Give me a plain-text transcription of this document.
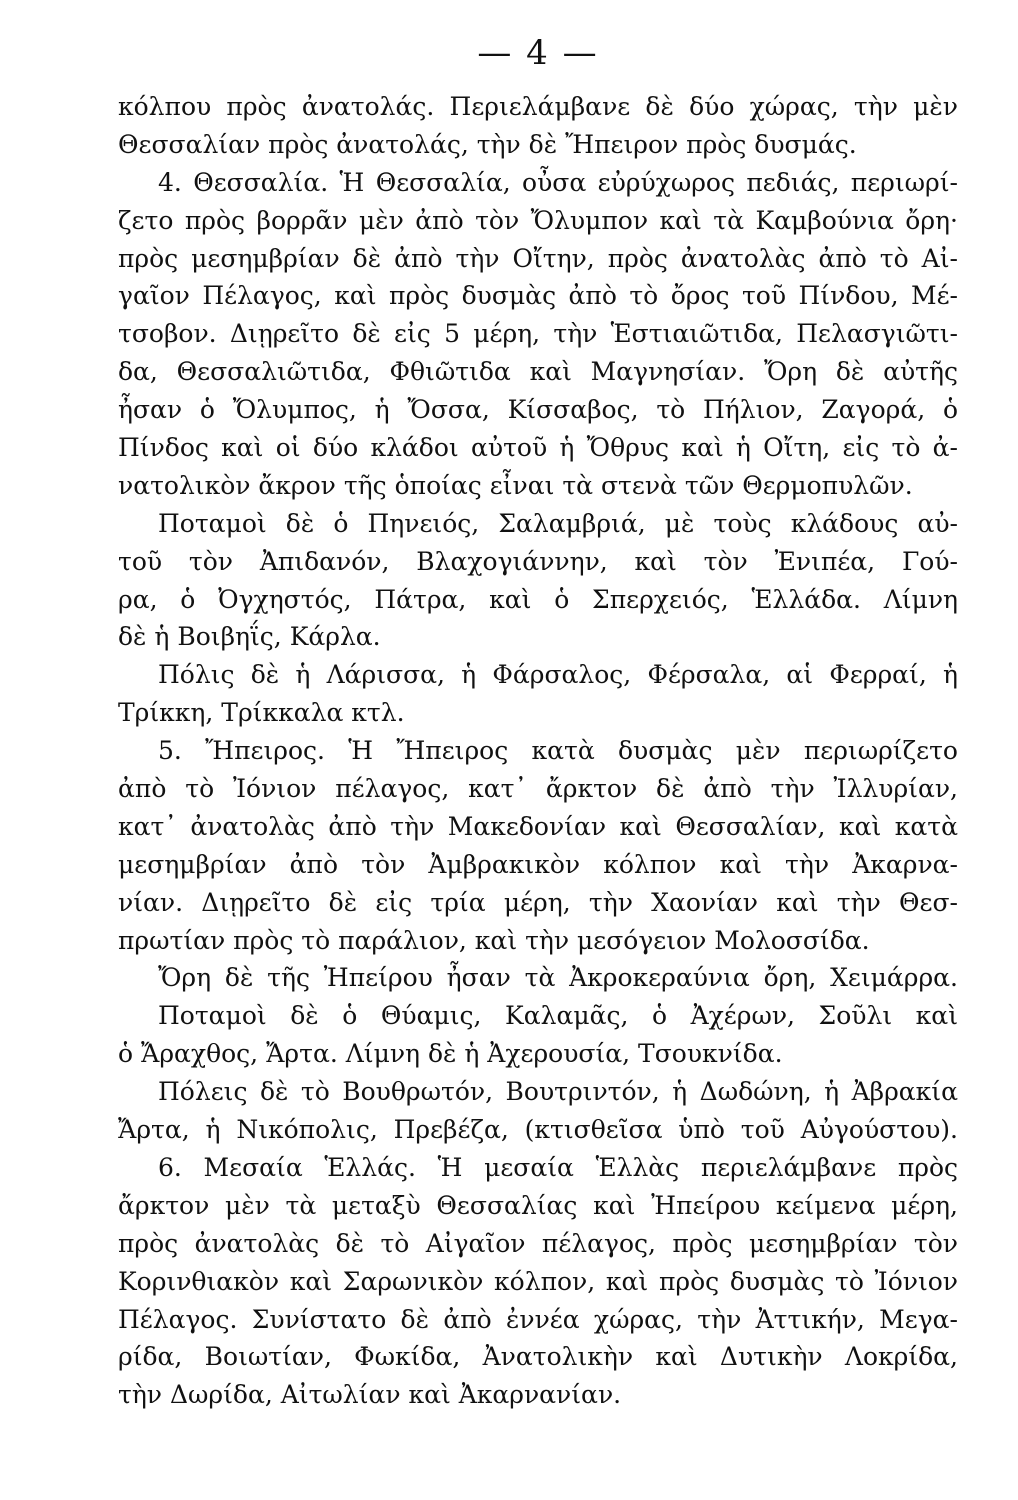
— 4 —
κόλπου πρὸς ἀνατολάς. Περιελάμβανε δὲ δύο χώρας, τὴν μὲν
Θεσσαλίαν πρὸς ἀνατολάς, τὴν δὲ Ἤπειρον πρὸς δυσμάς.
4. Θεσσαλία. Ἡ Θεσσαλία, οὖσα εὐρύχωρος πεδιάς, περιωρί-
ζετο πρὸς βορρᾶν μὲν ἀπὸ τὸν Ὄλυμπον καὶ τὰ Καμβούνια ὄρη·
πρὸς μεσημβρίαν δὲ ἀπὸ τὴν Οἴτην, πρὸς ἀνατολὰς ἀπὸ τὸ Αἰ-
γαῖον Πέλαγος, καὶ πρὸς δυσμὰς ἀπὸ τὸ ὄρος τοῦ Πίνδου, Μέ-
τσοβον. Διῃρεῖτο δὲ εἰς 5 μέρη, τὴν Ἑστιαιῶτιδα, Πελασγιῶτι-
δα, Θεσσαλιῶτιδα, Φθιῶτιδα καὶ Μαγνησίαν. Ὄρη δὲ αὐτῆς
ἦσαν ὁ Ὄλυμπος, ἡ Ὄσσα, Κίσσαβος, τὸ Πήλιον, Ζαγορά, ὁ
Πίνδος καὶ οἱ δύο κλάδοι αὐτοῦ ἡ Ὄθρυς καὶ ἡ Οἴτη, εἰς τὸ ἀ-
νατολικὸν ἄκρον τῆς ὁποίας εἶναι τὰ στενὰ τῶν Θερμοπυλῶν.
Ποταμοὶ δὲ ὁ Πηνειός, Σαλαμβριά, μὲ τοὺς κλάδους αὐ-
τοῦ τὸν Ἀπιδανόν, Βλαχογιάννην, καὶ τὸν Ἐνιπέα, Γού-
ρα, ὁ Ὀγχηστός, Πάτρα, καὶ ὁ Σπερχειός, Ἑλλάδα. Λίμνη
δὲ ἡ Βοιβηΐς, Κάρλα.
Πόλις δὲ ἡ Λάρισσα, ἡ Φάρσαλος, Φέρσαλα, αἱ Φερραί, ἡ
Τρίκκη, Τρίκκαλα κτλ.
5. Ἤπειρος. Ἡ Ἤπειρος κατὰ δυσμὰς μὲν περιωρίζετο
ἀπὸ τὸ Ἰόνιον πέλαγος, κατ᾽ ἄρκτον δὲ ἀπὸ τὴν Ἰλλυρίαν,
κατ᾽ ἀνατολὰς ἀπὸ τὴν Μακεδονίαν καὶ Θεσσαλίαν, καὶ κατὰ
μεσημβρίαν ἀπὸ τὸν Ἀμβρακικὸν κόλπον καὶ τὴν Ἀκαρνα-
νίαν. Διῃρεῖτο δὲ εἰς τρία μέρη, τὴν Χαονίαν καὶ τὴν Θεσ-
πρωτίαν πρὸς τὸ παράλιον, καὶ τὴν μεσόγειον Μολοσσίδα.
Ὄρη δὲ τῆς Ἠπείρου ἦσαν τὰ Ἀκροκεραύνια ὄρη, Χειμάρρα.
Ποταμοὶ δὲ ὁ Θύαμις, Καλαμᾶς, ὁ Ἀχέρων, Σοῦλι καὶ
ὁ Ἄραχθος, Ἄρτα. Λίμνη δὲ ἡ Ἀχερουσία, Τσουκνίδα.
Πόλεις δὲ τὸ Βουθρωτόν, Βουτριντόν, ἡ Δωδώνη, ἡ Ἀβρακία
Ἄρτα, ἡ Νικόπολις, Πρεβέζα, (κτισθεῖσα ὑπὸ τοῦ Αὐγούστου).
6. Μεσαία Ἑλλάς. Ἡ μεσαία Ἑλλὰς περιελάμβανε πρὸς
ἄρκτον μὲν τὰ μεταξὺ Θεσσαλίας καὶ Ἠπείρου κείμενα μέρη,
πρὸς ἀνατολὰς δὲ τὸ Αἰγαῖον πέλαγος, πρὸς μεσημβρίαν τὸν
Κορινθιακὸν καὶ Σαρωνικὸν κόλπον, καὶ πρὸς δυσμὰς τὸ Ἰόνιον
Πέλαγος. Συνίστατο δὲ ἀπὸ ἐννέα χώρας, τὴν Ἀττικήν, Μεγα-
ρίδα, Βοιωτίαν, Φωκίδα, Ἀνατολικὴν καὶ Δυτικὴν Λοκρίδα,
τὴν Δωρίδα, Αἰτωλίαν καὶ Ἀκαρνανίαν.
